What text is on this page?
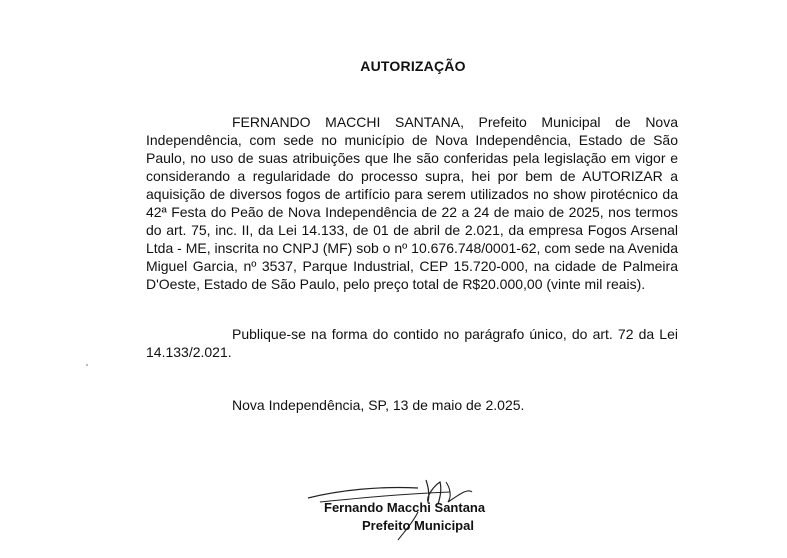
AUTORIZAÇÃO
FERNANDO MACCHI SANTANA, Prefeito Municipal de Nova Independência, com sede no município de Nova Independência, Estado de São Paulo, no uso de suas atribuições que lhe são conferidas pela legislação em vigor e considerando a regularidade do processo supra, hei por bem de AUTORIZAR a aquisição de diversos fogos de artifício para serem utilizados no show pirotécnico da 42ª Festa do Peão de Nova Independência de 22 a 24 de maio de 2025, nos termos do art. 75, inc. II, da Lei 14.133, de 01 de abril de 2.021, da empresa Fogos Arsenal Ltda - ME, inscrita no CNPJ (MF) sob o nº 10.676.748/0001-62, com sede na Avenida Miguel Garcia, nº 3537, Parque Industrial, CEP 15.720-000, na cidade de Palmeira D'Oeste, Estado de São Paulo, pelo preço total de R$20.000,00 (vinte mil reais).
Publique-se na forma do contido no parágrafo único, do art. 72 da Lei 14.133/2.021.
Nova Independência, SP, 13 de maio de 2.025.
Fernando Macchi Santana
Prefeito Municipal
